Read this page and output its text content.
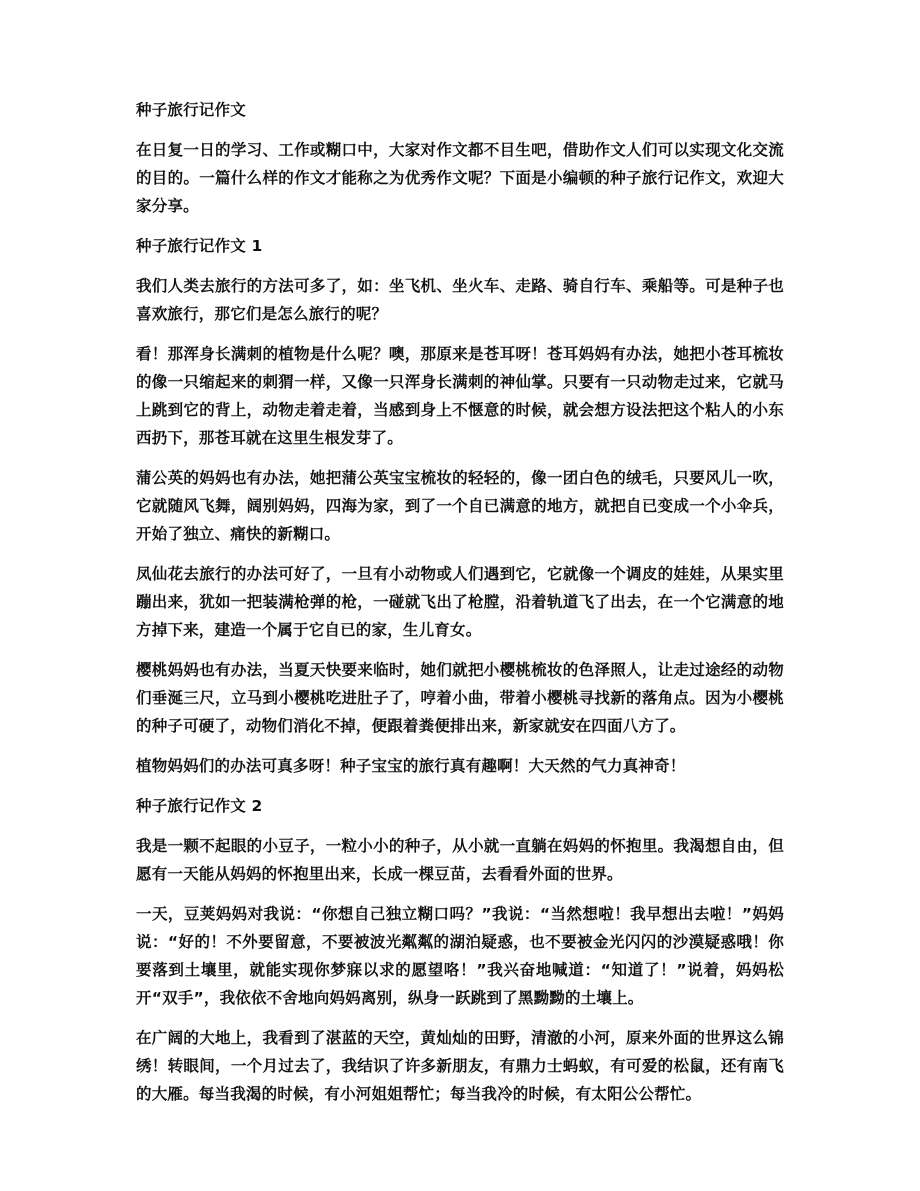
种子旅行记作文

在日复一日的学习、工作或糊口中，大家对作文都不目生吧，借助作文人们可以实现文化交流的目的。一篇什么样的作文才能称之为优秀作文呢？下面是小编顿的种子旅行记作文，欢迎大家分享。

种子旅行记作文 1

我们人类去旅行的方法可多了，如：坐飞机、坐火车、走路、骑自行车、乘船等。可是种子也喜欢旅行，那它们是怎么旅行的呢？

看！那浑身长满刺的植物是什么呢？噢，那原来是苍耳呀！苍耳妈妈有办法，她把小苍耳梳妆的像一只缩起来的刺猬一样，又像一只浑身长满刺的神仙掌。只要有一只动物走过来，它就马上跳到它的背上，动物走着走着，当感到身上不惬意的时候，就会想方设法把这个粘人的小东西扔下，那苍耳就在这里生根发芽了。

蒲公英的妈妈也有办法，她把蒲公英宝宝梳妆的轻轻的，像一团白色的绒毛，只要风儿一吹，它就随风飞舞，阔别妈妈，四海为家，到了一个自已满意的地方，就把自已变成一个小伞兵，开始了独立、痛快的新糊口。

凤仙花去旅行的办法可好了，一旦有小动物或人们遇到它，它就像一个调皮的娃娃，从果实里蹦出来，犹如一把装满枪弹的枪，一碰就飞出了枪膛，沿着轨道飞了出去，在一个它满意的地方掉下来，建造一个属于它自已的家，生儿育女。

樱桃妈妈也有办法，当夏天快要来临时，她们就把小樱桃梳妆的色泽照人，让走过途经的动物们垂涎三尺，立马到小樱桃吃进肚子了，哼着小曲，带着小樱桃寻找新的落角点。因为小樱桃的种子可硬了，动物们消化不掉，便跟着粪便排出来，新家就安在四面八方了。

植物妈妈们的办法可真多呀！种子宝宝的旅行真有趣啊！大天然的气力真神奇！

种子旅行记作文 2

我是一颗不起眼的小豆子，一粒小小的种子，从小就一直躺在妈妈的怀抱里。我渴想自由，但愿有一天能从妈妈的怀抱里出来，长成一棵豆苗，去看看外面的世界。

一天，豆荚妈妈对我说：“你想自己独立糊口吗？”我说：“当然想啦！我早想出去啦！”妈妈说：“好的！不外要留意，不要被波光粼粼的湖泊疑惑，也不要被金光闪闪的沙漠疑惑哦！你要落到土壤里，就能实现你梦寐以求的愿望咯！”我兴奋地喊道：“知道了！”说着，妈妈松开“双手”，我依依不舍地向妈妈离别，纵身一跃跳到了黑黝黝的土壤上。

在广阔的大地上，我看到了湛蓝的天空，黄灿灿的田野，清澈的小河，原来外面的世界这么锦绣！转眼间，一个月过去了，我结识了许多新朋友，有鼎力士蚂蚁，有可爱的松鼠，还有南飞的大雁。每当我渴的时候，有小河姐姐帮忙；每当我冷的时候，有太阳公公帮忙。
